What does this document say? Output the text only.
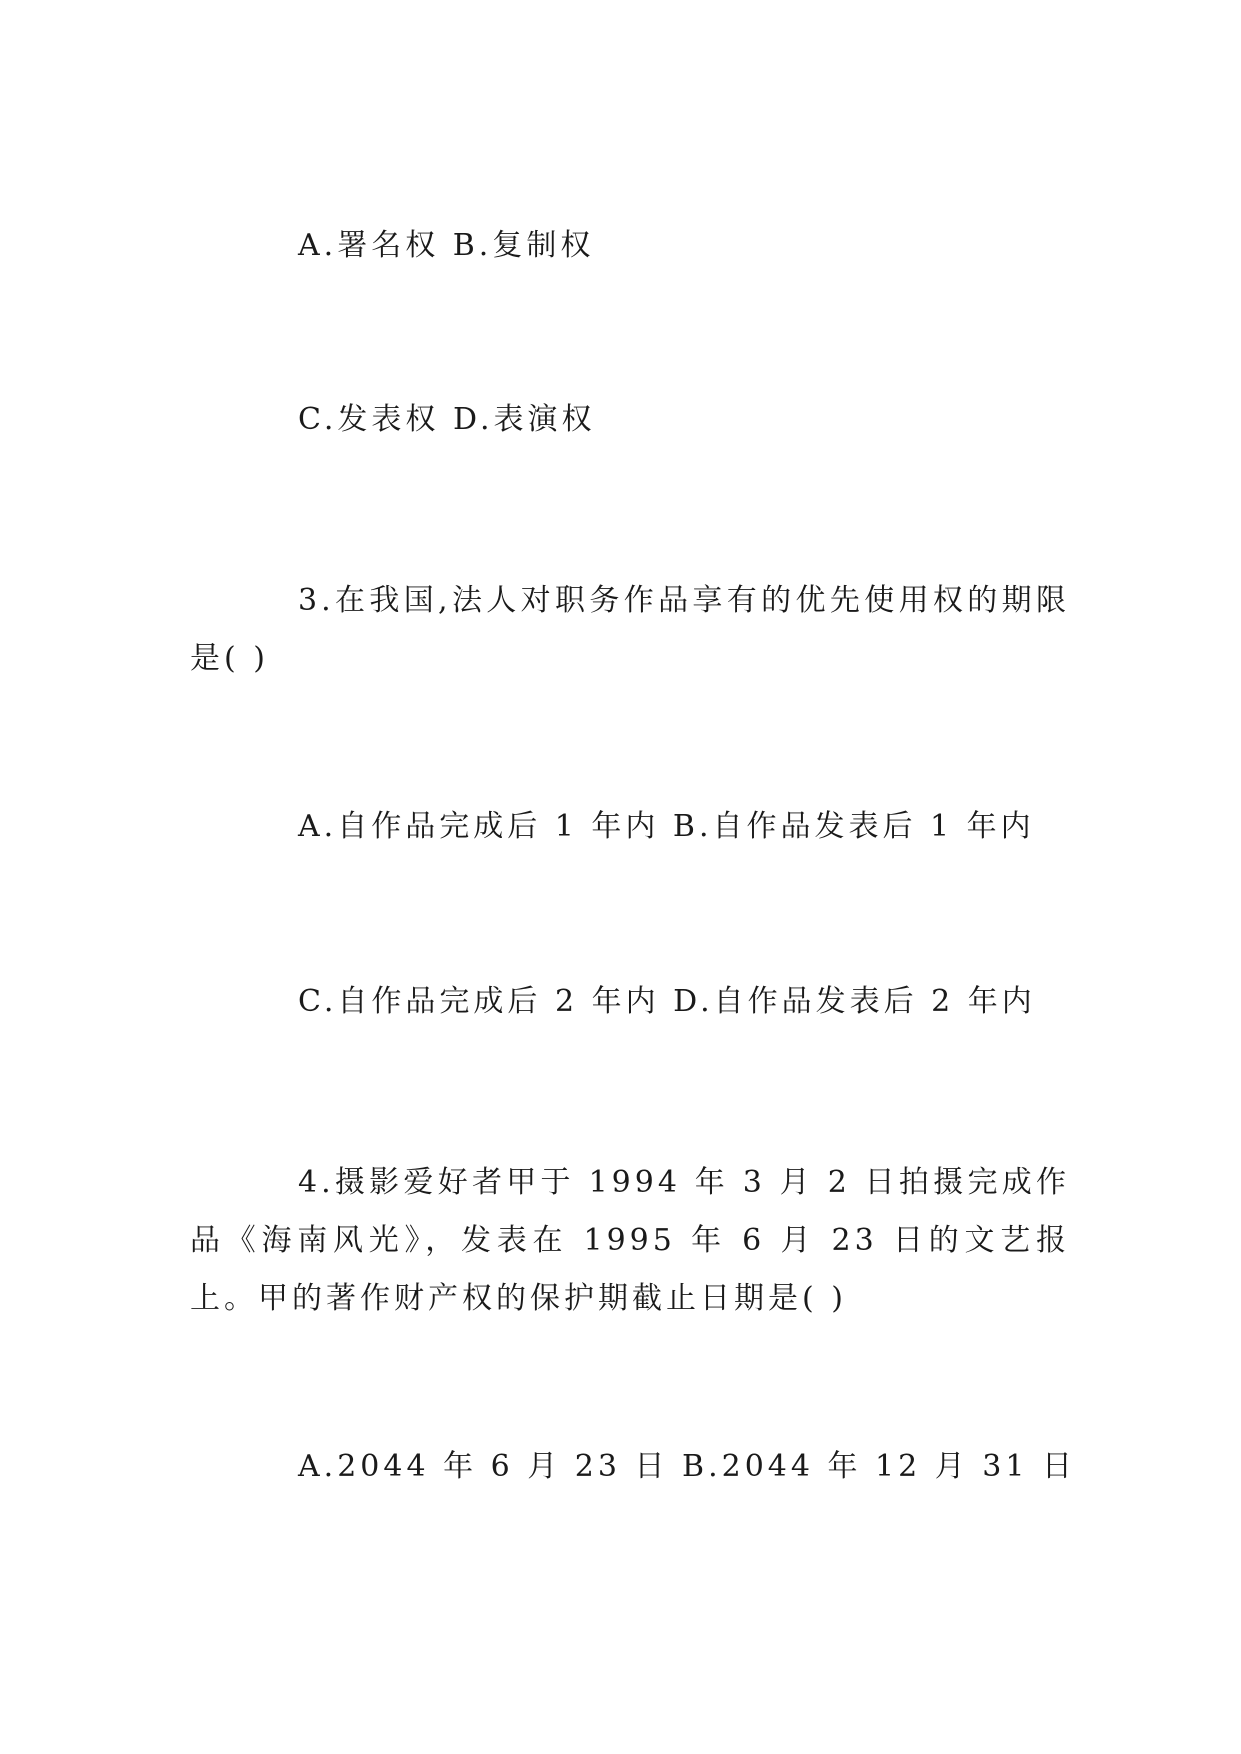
A.署名权 B.复制权

C.发表权 D.表演权

3.在我国,法人对职务作品享有的优先使用权的期限是( )

A.自作品完成后 1 年内 B.自作品发表后 1 年内

C.自作品完成后 2 年内 D.自作品发表后 2 年内

4.摄影爱好者甲于 1994 年 3 月 2 日拍摄完成作品《海南风光》，发表在 1995 年 6 月 23 日的文艺报上。甲的著作财产权的保护期截止日期是( )

A.2044 年 6 月 23 日 B.2044 年 12 月 31 日
